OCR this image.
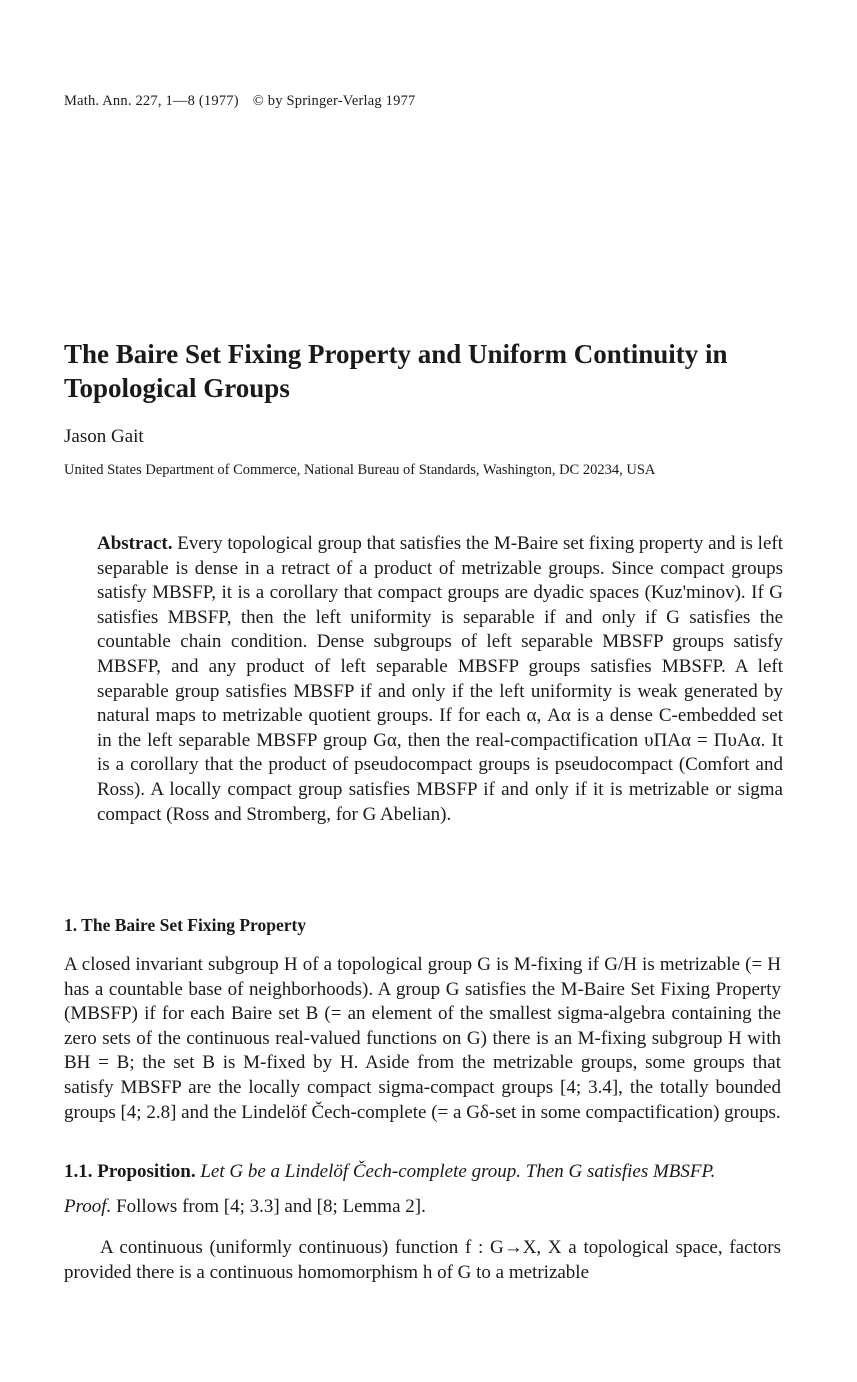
Math. Ann. 227, 1—8 (1977) © by Springer-Verlag 1977
The Baire Set Fixing Property and Uniform Continuity in Topological Groups
Jason Gait
United States Department of Commerce, National Bureau of Standards, Washington, DC 20234, USA

Abstract. Every topological group that satisfies the M-Baire set fixing property and is left separable is dense in a retract of a product of metrizable groups. Since compact groups satisfy MBSFP, it is a corollary that compact groups are dyadic spaces (Kuz'minov). If G satisfies MBSFP, then the left uniformity is separable if and only if G satisfies the countable chain condition. Dense subgroups of left separable MBSFP groups satisfy MBSFP, and any product of left separable MBSFP groups satisfies MBSFP. A left separable group satisfies MBSFP if and only if the left uniformity is weak generated by natural maps to metrizable quotient groups. If for each α, Aα is a dense C-embedded set in the left separable MBSFP group Gα, then the real-compactification υΠAα = ΠυAα. It is a corollary that the product of pseudocompact groups is pseudocompact (Comfort and Ross). A locally compact group satisfies MBSFP if and only if it is metrizable or sigma compact (Ross and Stromberg, for G Abelian).

1. The Baire Set Fixing Property

A closed invariant subgroup H of a topological group G is M-fixing if G/H is metrizable (= H has a countable base of neighborhoods). A group G satisfies the M-Baire Set Fixing Property (MBSFP) if for each Baire set B (= an element of the smallest sigma-algebra containing the zero sets of the continuous real-valued functions on G) there is an M-fixing subgroup H with BH = B; the set B is M-fixed by H. Aside from the metrizable groups, some groups that satisfy MBSFP are the locally compact sigma-compact groups [4; 3.4], the totally bounded groups [4; 2.8] and the Lindelöf Čech-complete (= a Gδ-set in some compactification) groups.

1.1. Proposition. Let G be a Lindelöf Čech-complete group. Then G satisfies MBSFP.

Proof. Follows from [4; 3.3] and [8; Lemma 2].

A continuous (uniformly continuous) function f : G→X, X a topological space, factors provided there is a continuous homomorphism h of G to a metrizable
